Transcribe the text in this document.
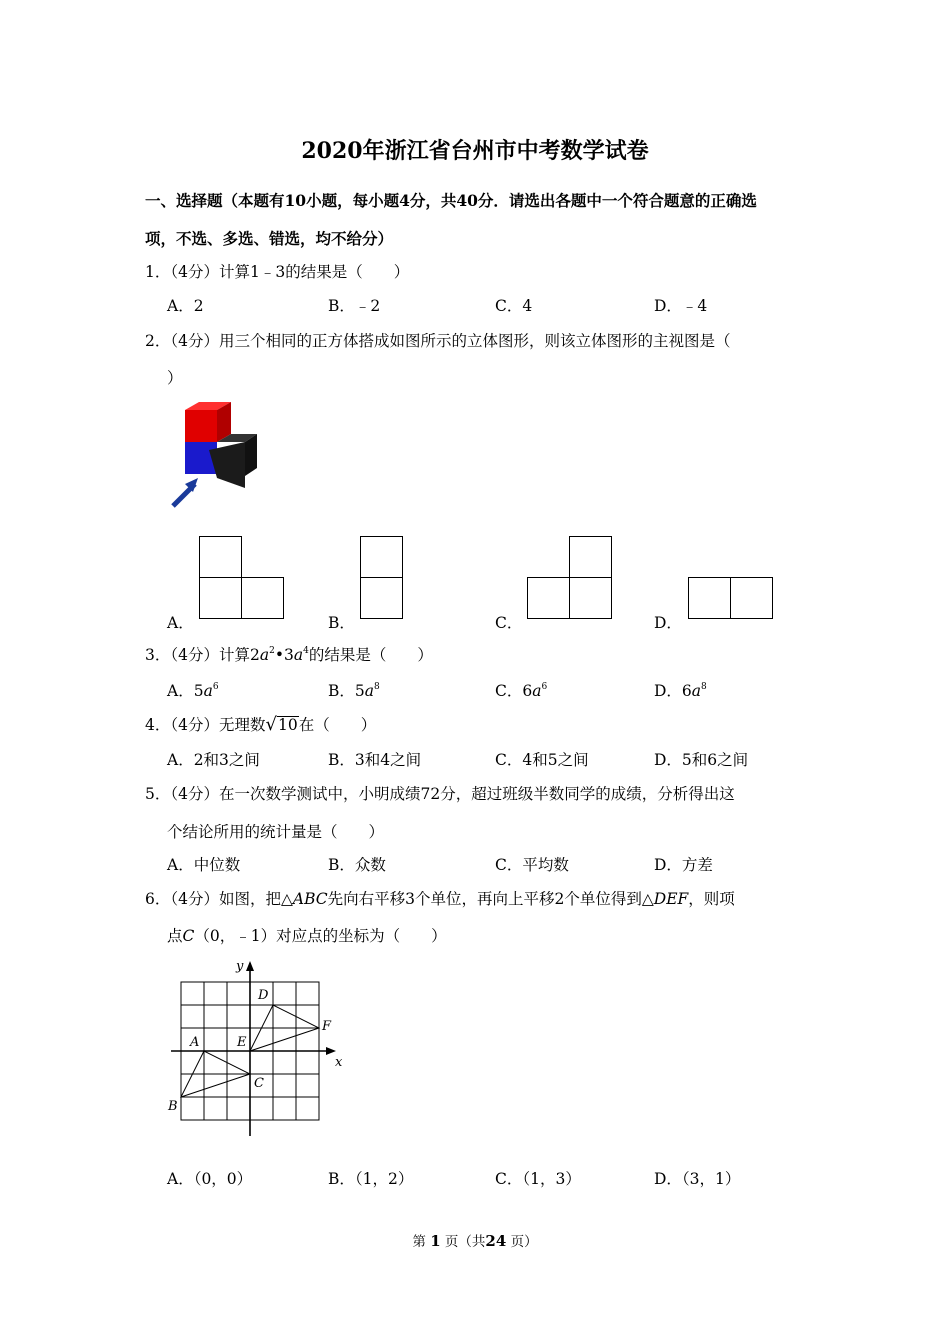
2020年浙江省台州市中考数学试卷
一、选择题（本题有10小题，每小题4分，共40分．请选出各题中一个符合题意的正确选
项，不选、多选、错选，均不给分）
1．（4分）计算1﹣3的结果是（　　）
A．2	B．﹣2	C．4	D．﹣4
2．（4分）用三个相同的正方体搭成如图所示的立体图形，则该立体图形的主视图是（
）
A．	B．	C．	D．
3．（4分）计算$2a^2•3a^4$的结果是（　　）
A．$5a^6$	B．$5a^8$	C．$6a^6$	D．$6a^8$
4．（4分）无理数√10在（　　）
A．2和3之间	B．3和4之间	C．4和5之间	D．5和6之间
5．（4分）在一次数学测试中，小明成绩72分，超过班级半数同学的成绩，分析得出这
个结论所用的统计量是（　　）
A．中位数	B．众数	C．平均数	D．方差
6．（4分）如图，把△ABC先向右平移3个单位，再向上平移2个单位得到△DEF，则项
点C（0，﹣1）对应点的坐标为（　　）
y
x
A
B
C
D
E
F
A．（0，0）	B．（1，2）	C．（1，3）	D．（3，1）
第 1 页（共24 页）
